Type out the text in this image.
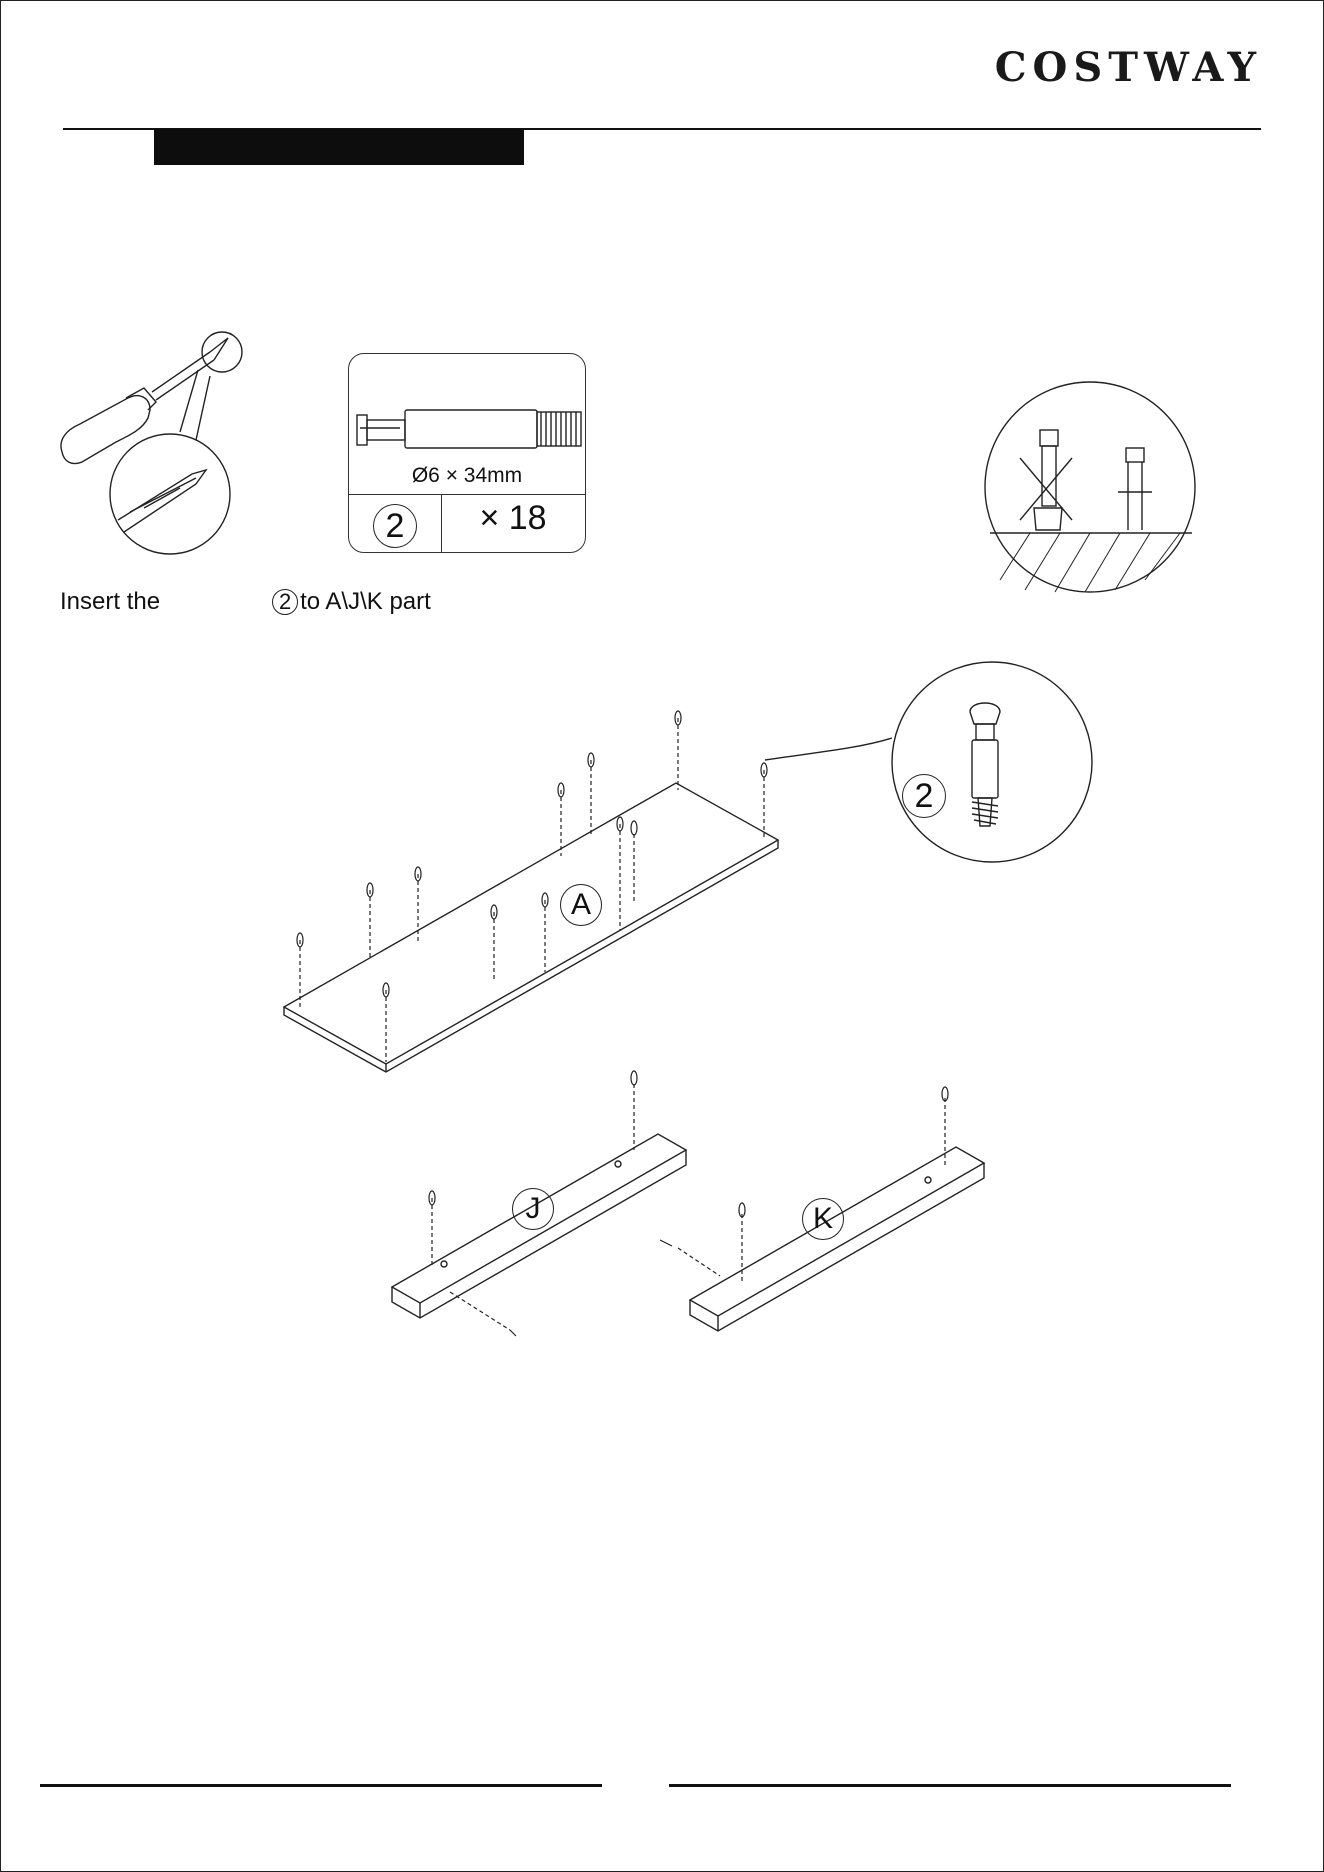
COSTWAY
Ø6 × 34mm
2	× 18
Insert the	2 to A\J\K part
A
J	K
2
